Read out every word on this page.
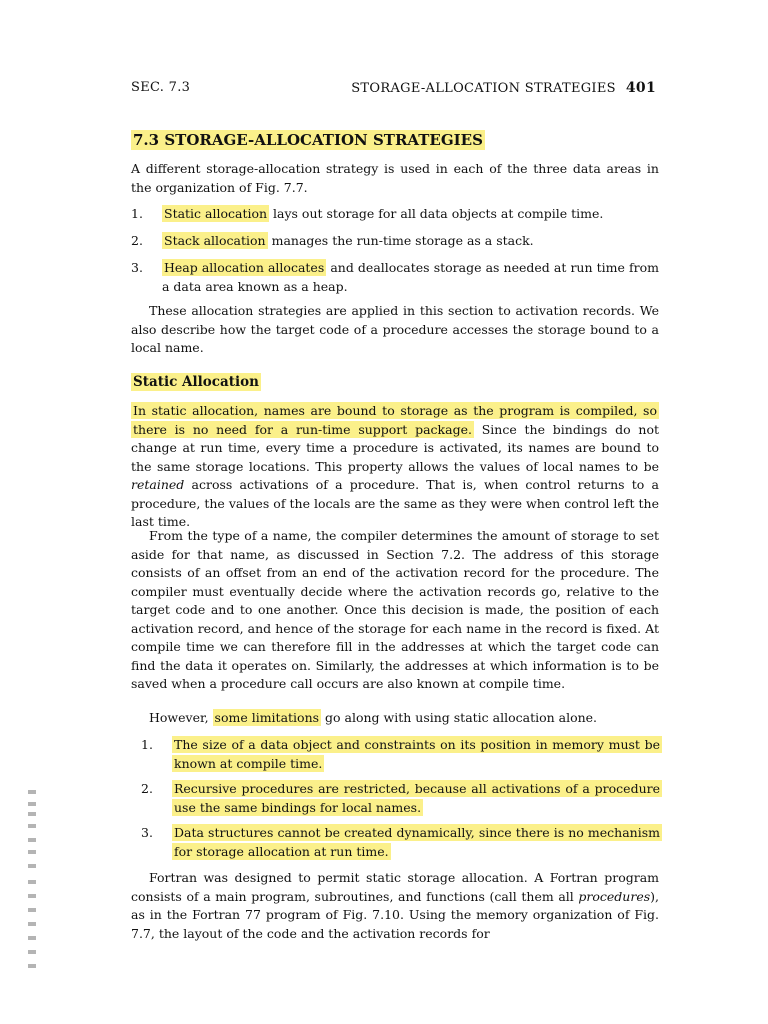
SEC. 7.3	STORAGE-ALLOCATION STRATEGIES 401
7.3 STORAGE-ALLOCATION STRATEGIES
A different storage-allocation strategy is used in each of the three data areas in the organization of Fig. 7.7.
1.	Static allocation lays out storage for all data objects at compile time.
2.	Stack allocation manages the run-time storage as a stack.
3.	Heap allocation allocates and deallocates storage as needed at run time from a data area known as a heap.
These allocation strategies are applied in this section to activation records. We also describe how the target code of a procedure accesses the storage bound to a local name.
Static Allocation
In static allocation, names are bound to storage as the program is compiled, so there is no need for a run-time support package. Since the bindings do not change at run time, every time a procedure is activated, its names are bound to the same storage locations. This property allows the values of local names to be retained across activations of a procedure. That is, when control returns to a procedure, the values of the locals are the same as they were when control left the last time.
From the type of a name, the compiler determines the amount of storage to set aside for that name, as discussed in Section 7.2. The address of this storage consists of an offset from an end of the activation record for the procedure. The compiler must eventually decide where the activation records go, relative to the target code and to one another. Once this decision is made, the position of each activation record, and hence of the storage for each name in the record is fixed. At compile time we can therefore fill in the addresses at which the target code can find the data it operates on. Similarly, the addresses at which information is to be saved when a procedure call occurs are also known at compile time.
However, some limitations go along with using static allocation alone.
1.	The size of a data object and constraints on its position in memory must be known at compile time.
2.	Recursive procedures are restricted, because all activations of a procedure use the same bindings for local names.
3.	Data structures cannot be created dynamically, since there is no mechanism for storage allocation at run time.
Fortran was designed to permit static storage allocation. A Fortran program consists of a main program, subroutines, and functions (call them all procedures), as in the Fortran 77 program of Fig. 7.10. Using the memory organization of Fig. 7.7, the layout of the code and the activation records for
